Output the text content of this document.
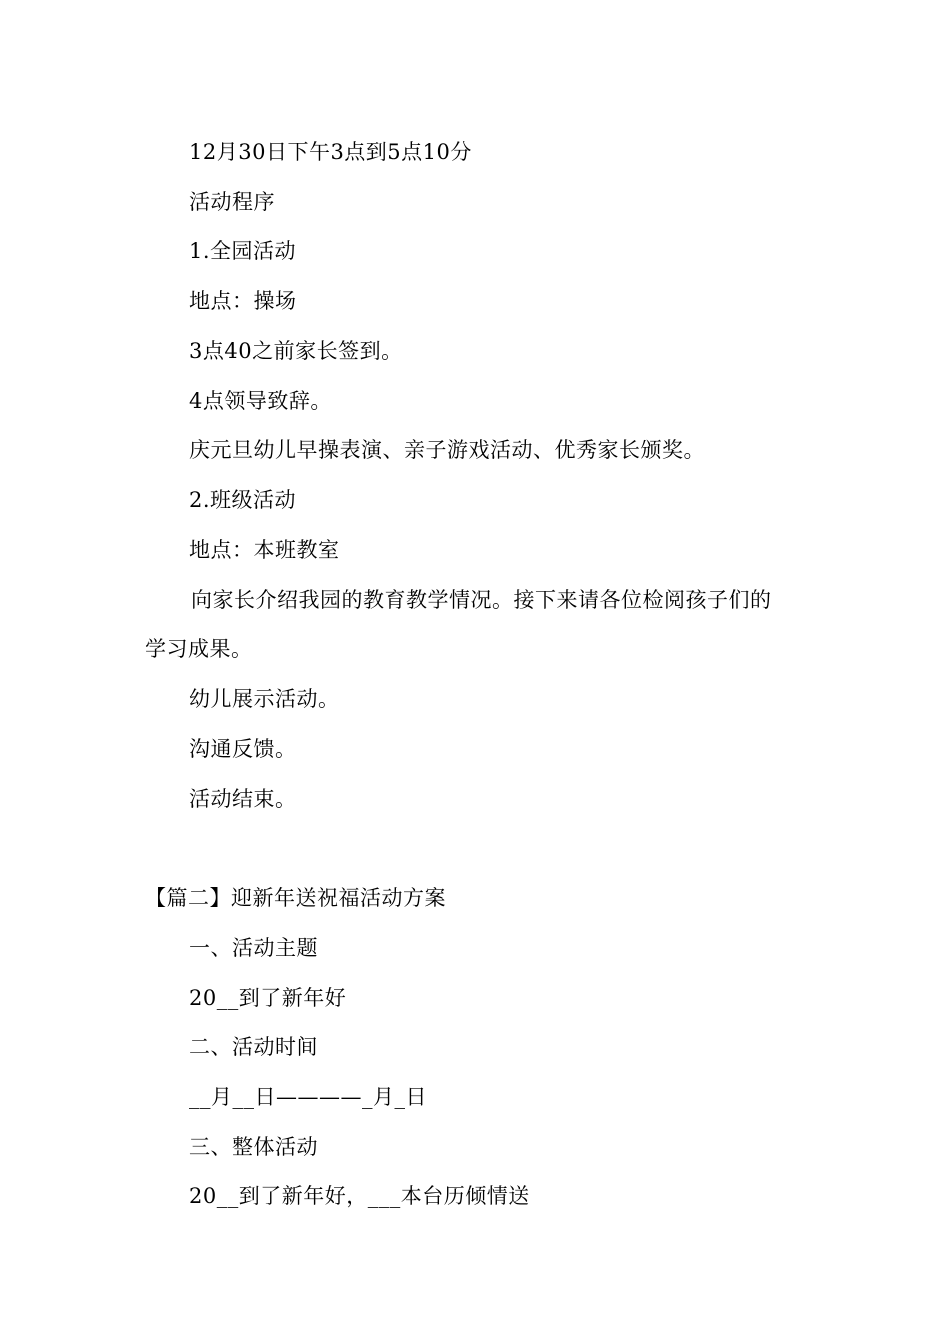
12月30日下午3点到5点10分
活动程序
1.全园活动
地点：操场
3点40之前家长签到。
4点领导致辞。
庆元旦幼儿早操表演、亲子游戏活动、优秀家长颁奖。
2.班级活动
地点：本班教室
向家长介绍我园的教育教学情况。接下来请各位检阅孩子们的
学习成果。
幼儿展示活动。
沟通反馈。
活动结束。
【篇二】迎新年送祝福活动方案
一、活动主题
20__到了新年好
二、活动时间
__月__日————_月_日
三、整体活动
20__到了新年好，___本台历倾情送
